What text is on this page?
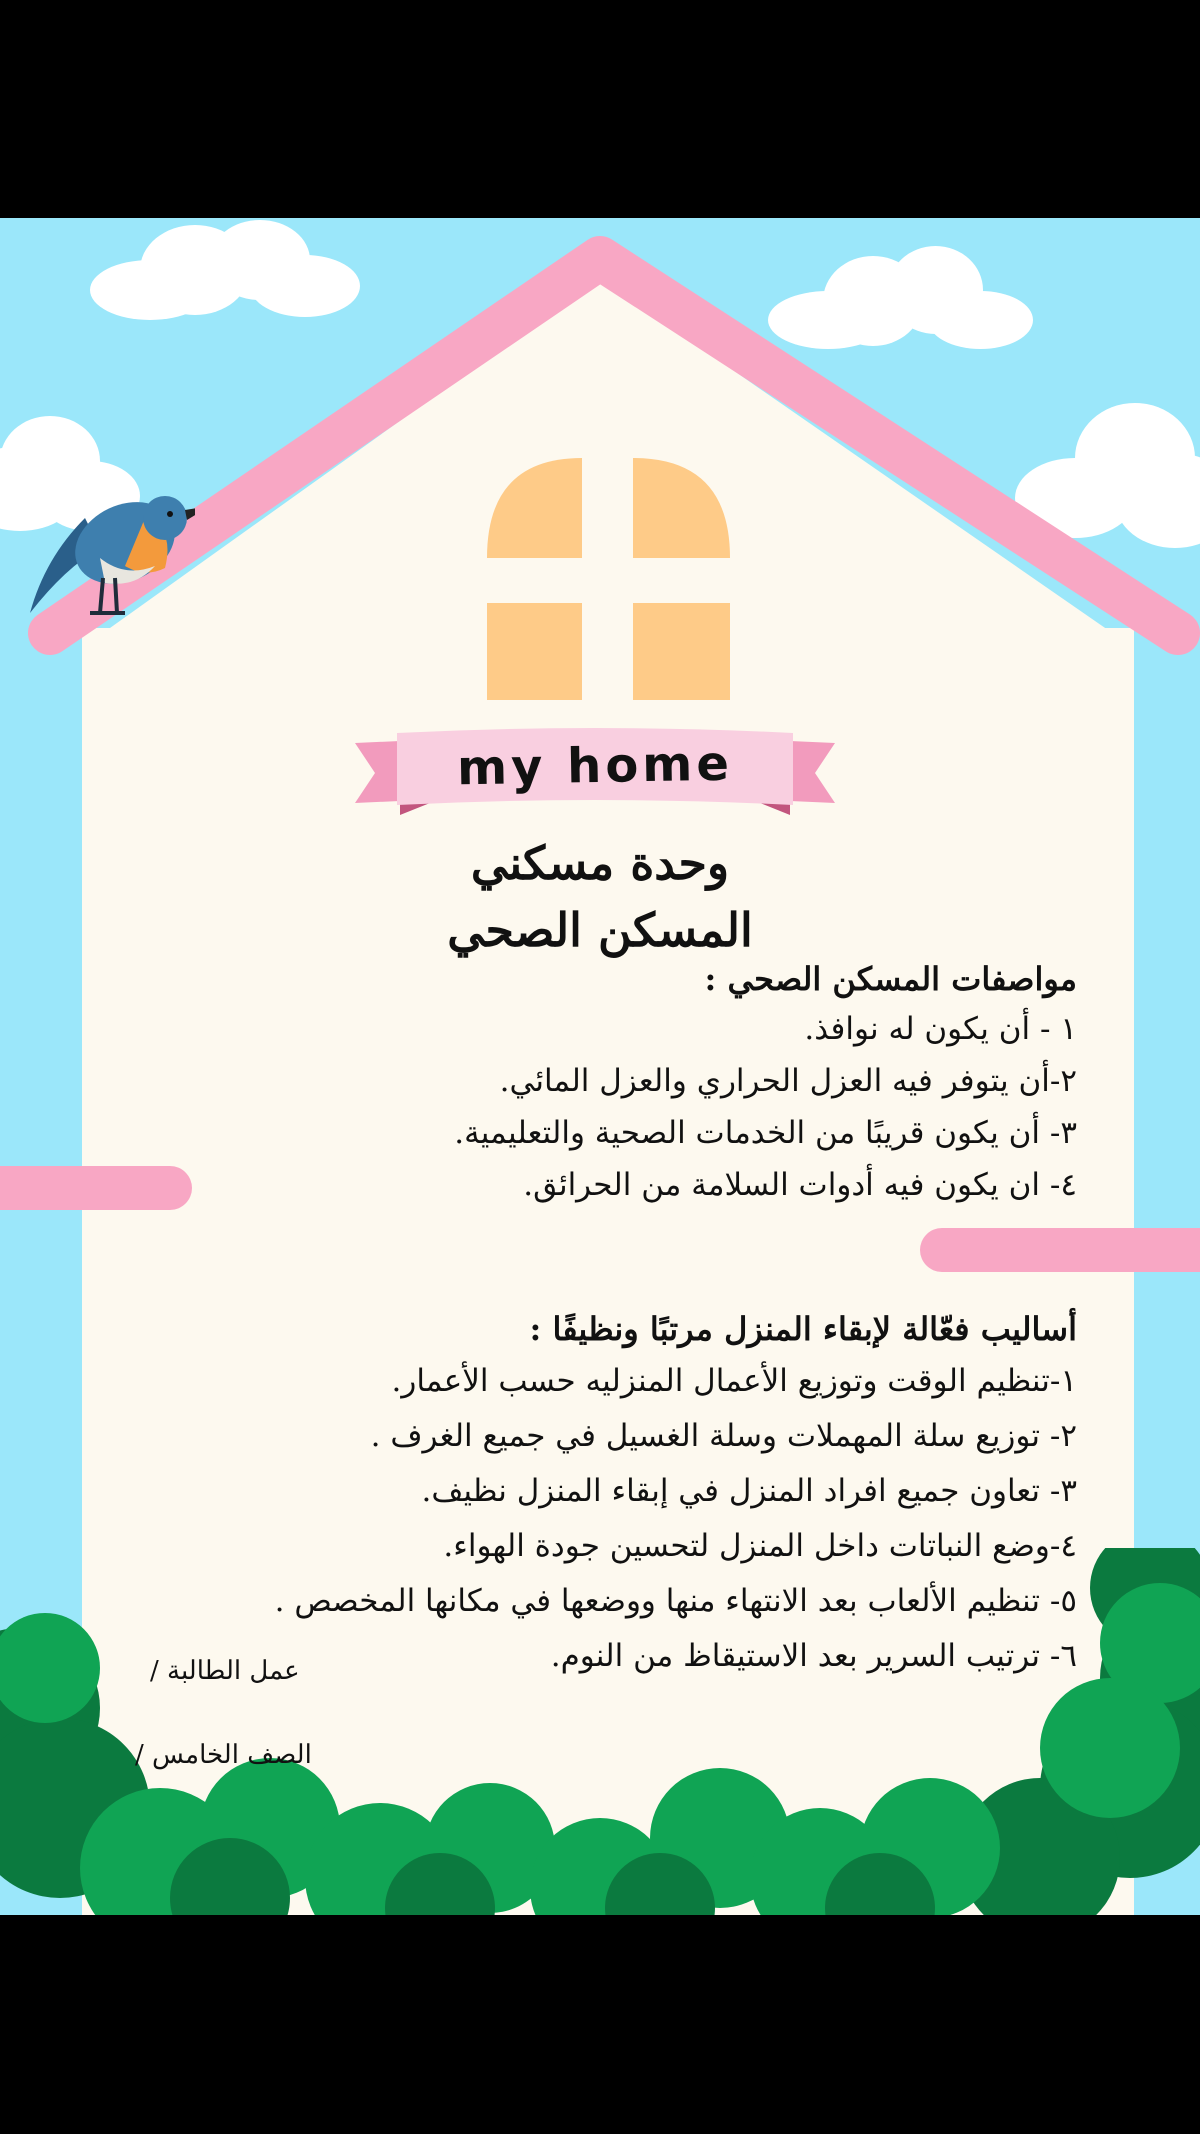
my home
وحدة مسكني
المسكن الصحي
مواصفات المسكن الصحي :
١ - أن يكون له نوافذ.
٢-أن يتوفر فيه العزل الحراري والعزل المائي.
٣- أن يكون قريبًا من الخدمات الصحية والتعليمية.
٤- ان يكون فيه أدوات السلامة من الحرائق.
أساليب فعّالة لإبقاء المنزل مرتبًا ونظيفًا :
١-تنظيم الوقت وتوزيع الأعمال المنزليه حسب الأعمار.
٢- توزيع سلة المهملات وسلة الغسيل في جميع الغرف .
٣- تعاون جميع افراد المنزل في إبقاء المنزل نظيف.
٤-وضع النباتات داخل المنزل لتحسين جودة الهواء.
٥- تنظيم الألعاب بعد الانتهاء منها ووضعها في مكانها المخصص .
٦- ترتيب السرير بعد الاستيقاظ من النوم.
عمل الطالبة /
الصف الخامس /
